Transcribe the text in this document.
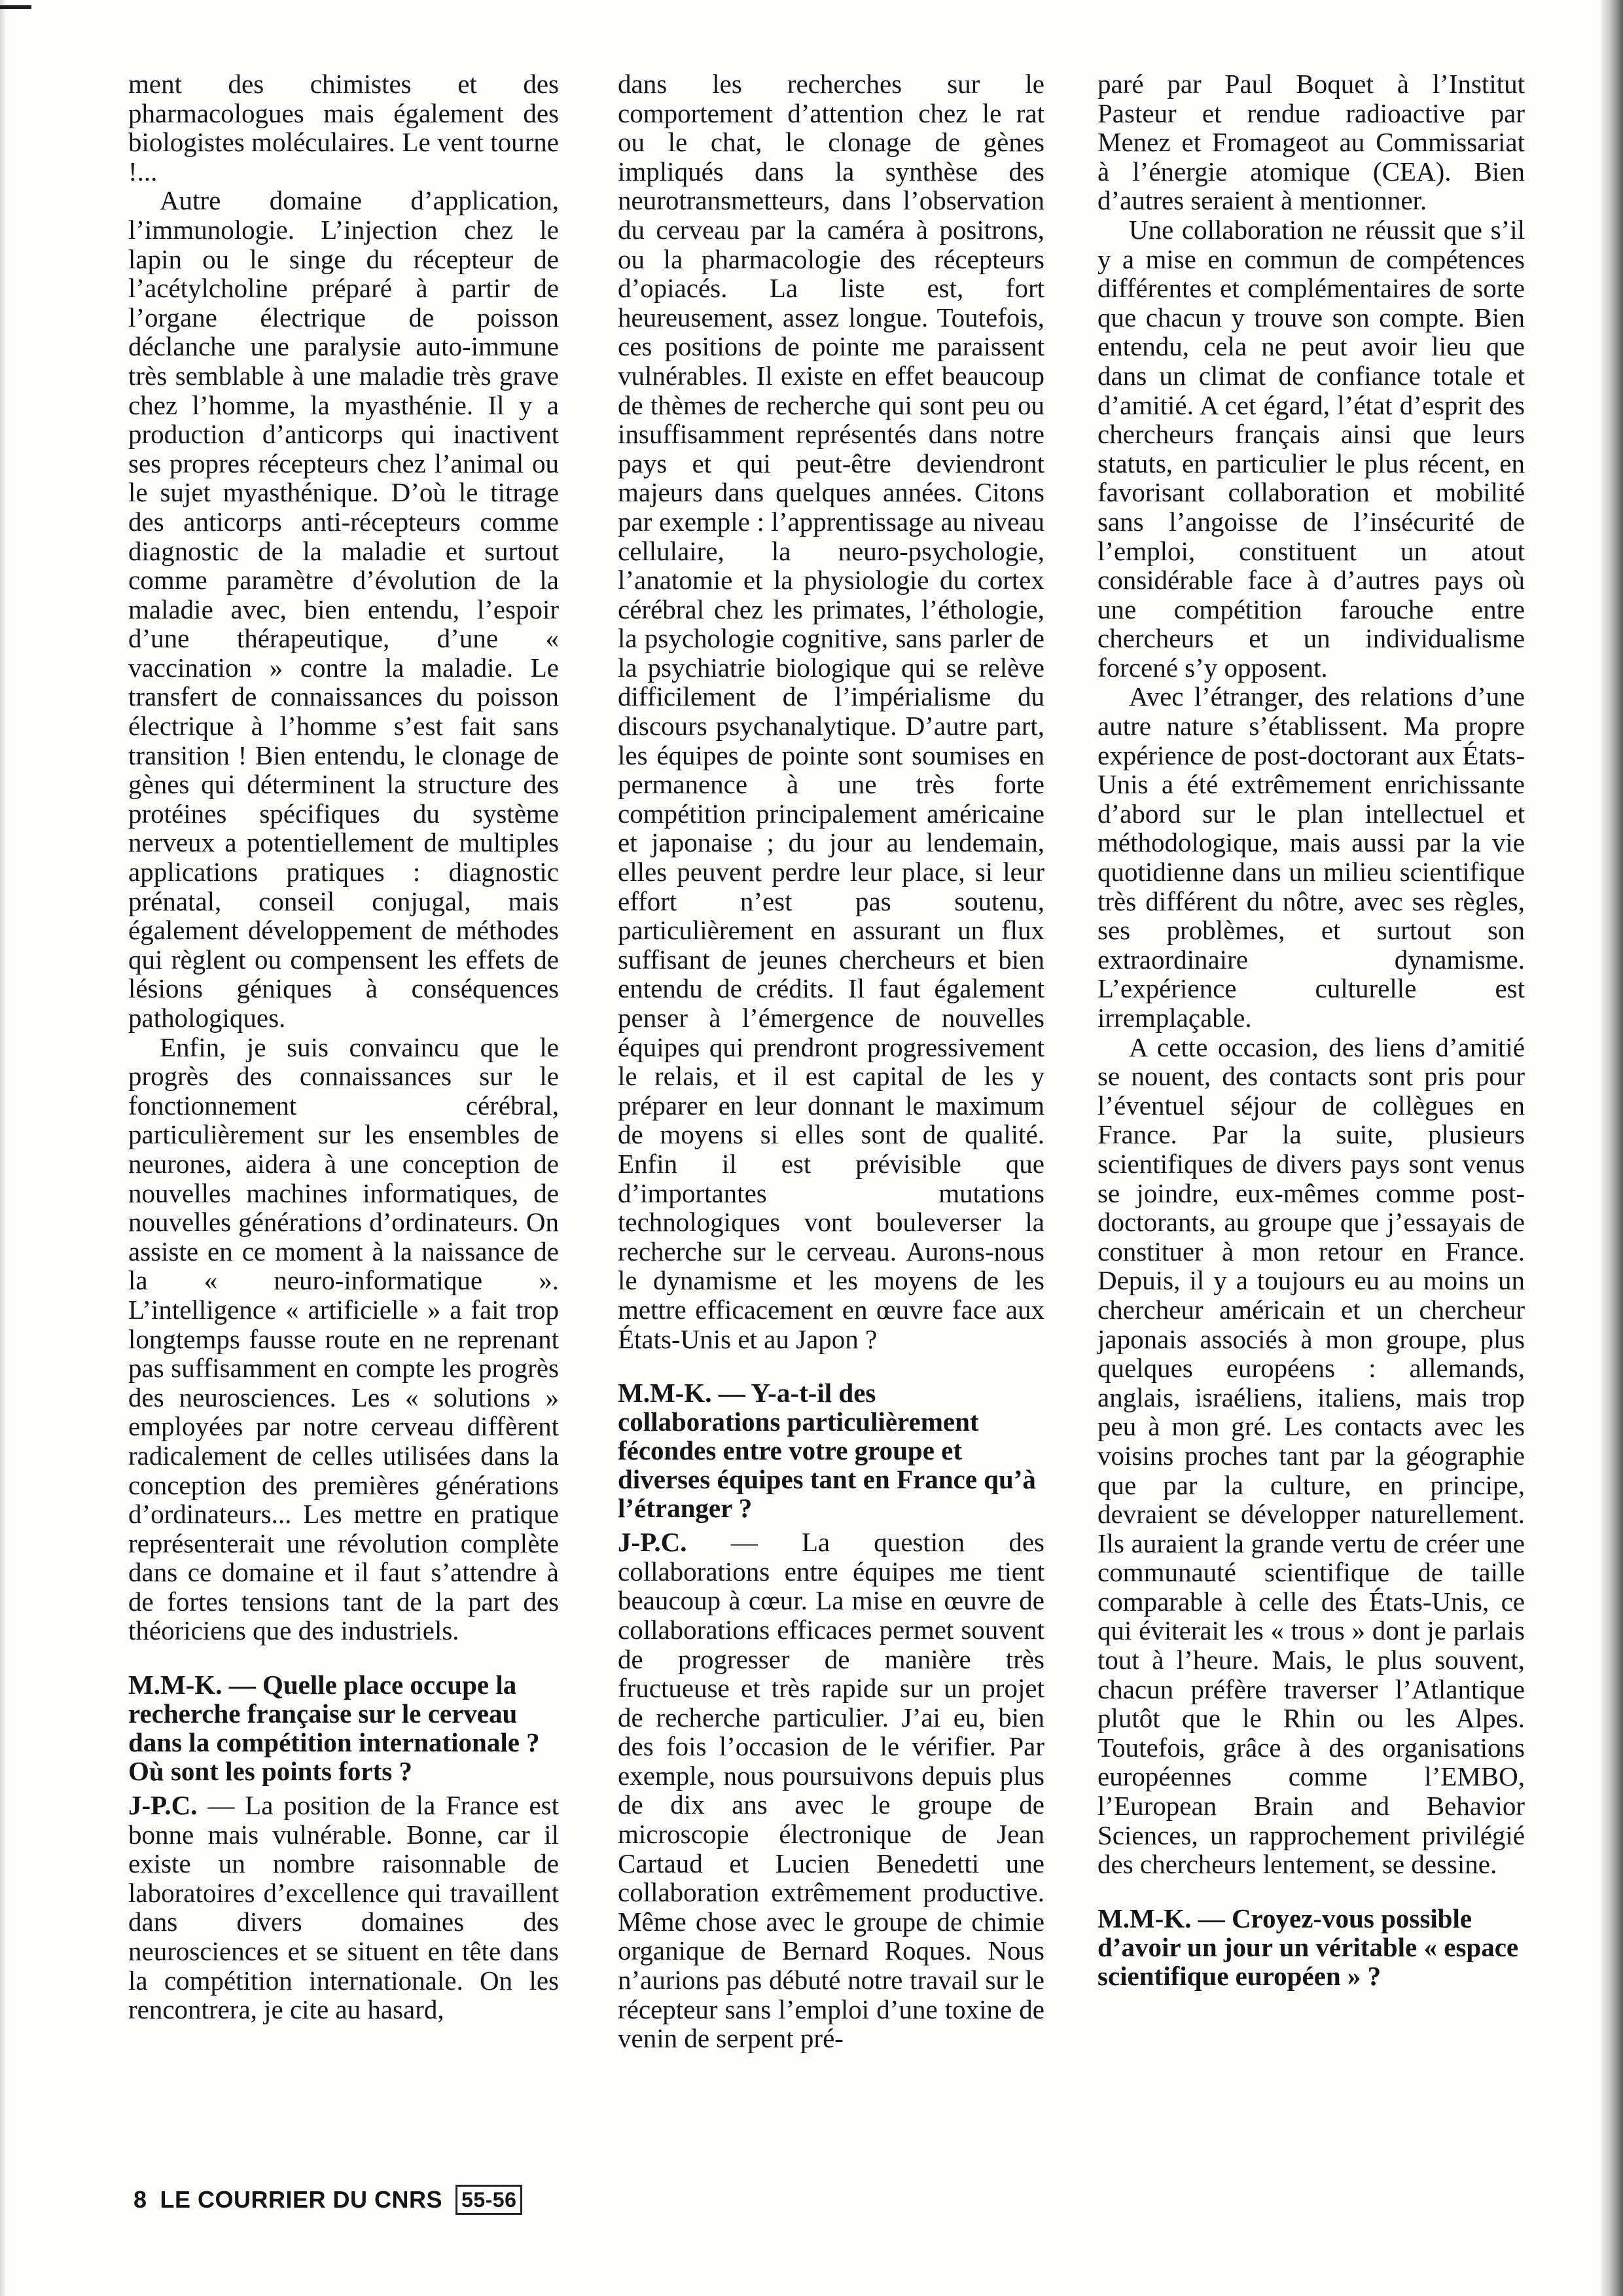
ment des chimistes et des pharmacologues mais également des biologistes moléculaires. Le vent tourne !...

Autre domaine d’application, l’immunologie. L’injection chez le lapin ou le singe du récepteur de l’acétylcholine préparé à partir de l’organe électrique de poisson déclanche une paralysie auto-immune très semblable à une maladie très grave chez l’homme, la myasthénie. Il y a production d’anticorps qui inactivent ses propres récepteurs chez l’animal ou le sujet myasthénique. D’où le titrage des anticorps anti-récepteurs comme diagnostic de la maladie et surtout comme paramètre d’évolution de la maladie avec, bien entendu, l’espoir d’une thérapeutique, d’une « vaccination » contre la maladie. Le transfert de connaissances du poisson électrique à l’homme s’est fait sans transition ! Bien entendu, le clonage de gènes qui déterminent la structure des protéines spécifiques du système nerveux a potentiellement de multiples applications pratiques : diagnostic prénatal, conseil conjugal, mais également développement de méthodes qui règlent ou compensent les effets de lésions géniques à conséquences pathologiques.

Enfin, je suis convaincu que le progrès des connaissances sur le fonctionnement cérébral, particulièrement sur les ensembles de neurones, aidera à une conception de nouvelles machines informatiques, de nouvelles générations d’ordinateurs. On assiste en ce moment à la naissance de la « neuro-informatique ». L’intelligence « artificielle » a fait trop longtemps fausse route en ne reprenant pas suffisamment en compte les progrès des neurosciences. Les « solutions » employées par notre cerveau diffèrent radicalement de celles utilisées dans la conception des premières générations d’ordinateurs... Les mettre en pratique représenterait une révolution complète dans ce domaine et il faut s’attendre à de fortes tensions tant de la part des théoriciens que des industriels.

M.M-K. — Quelle place occupe la recherche française sur le cerveau dans la compétition internationale ? Où sont les points forts ?

J-P.C. — La position de la France est bonne mais vulnérable. Bonne, car il existe un nombre raisonnable de laboratoires d’excellence qui travaillent dans divers domaines des neurosciences et se situent en tête dans la compétition internationale. On les rencontrera, je cite au hasard,

dans les recherches sur le comportement d’attention chez le rat ou le chat, le clonage de gènes impliqués dans la synthèse des neurotransmetteurs, dans l’observation du cerveau par la caméra à positrons, ou la pharmacologie des récepteurs d’opiacés. La liste est, fort heureusement, assez longue. Toutefois, ces positions de pointe me paraissent vulnérables. Il existe en effet beaucoup de thèmes de recherche qui sont peu ou insuffisamment représentés dans notre pays et qui peut-être deviendront majeurs dans quelques années. Citons par exemple : l’apprentissage au niveau cellulaire, la neuro-psychologie, l’anatomie et la physiologie du cortex cérébral chez les primates, l’éthologie, la psychologie cognitive, sans parler de la psychiatrie biologique qui se relève difficilement de l’impérialisme du discours psychanalytique. D’autre part, les équipes de pointe sont soumises en permanence à une très forte compétition principalement américaine et japonaise ; du jour au lendemain, elles peuvent perdre leur place, si leur effort n’est pas soutenu, particulièrement en assurant un flux suffisant de jeunes chercheurs et bien entendu de crédits. Il faut également penser à l’émergence de nouvelles équipes qui prendront progressivement le relais, et il est capital de les y préparer en leur donnant le maximum de moyens si elles sont de qualité. Enfin il est prévisible que d’importantes mutations technologiques vont bouleverser la recherche sur le cerveau. Aurons-nous le dynamisme et les moyens de les mettre efficacement en œuvre face aux États-Unis et au Japon ?

M.M-K. — Y-a-t-il des collaborations particulièrement fécondes entre votre groupe et diverses équipes tant en France qu’à l’étranger ?

J-P.C. — La question des collaborations entre équipes me tient beaucoup à cœur. La mise en œuvre de collaborations efficaces permet souvent de progresser de manière très fructueuse et très rapide sur un projet de recherche particulier. J’ai eu, bien des fois l’occasion de le vérifier. Par exemple, nous poursuivons depuis plus de dix ans avec le groupe de microscopie électronique de Jean Cartaud et Lucien Benedetti une collaboration extrêmement productive. Même chose avec le groupe de chimie organique de Bernard Roques. Nous n’aurions pas débuté notre travail sur le récepteur sans l’emploi d’une toxine de venin de serpent pré-

paré par Paul Boquet à l’Institut Pasteur et rendue radioactive par Menez et Fromageot au Commissariat à l’énergie atomique (CEA). Bien d’autres seraient à mentionner.

Une collaboration ne réussit que s’il y a mise en commun de compétences différentes et complémentaires de sorte que chacun y trouve son compte. Bien entendu, cela ne peut avoir lieu que dans un climat de confiance totale et d’amitié. A cet égard, l’état d’esprit des chercheurs français ainsi que leurs statuts, en particulier le plus récent, en favorisant collaboration et mobilité sans l’angoisse de l’insécurité de l’emploi, constituent un atout considérable face à d’autres pays où une compétition farouche entre chercheurs et un individualisme forcené s’y opposent.

Avec l’étranger, des relations d’une autre nature s’établissent. Ma propre expérience de post-doctorant aux États-Unis a été extrêmement enrichissante d’abord sur le plan intellectuel et méthodologique, mais aussi par la vie quotidienne dans un milieu scientifique très différent du nôtre, avec ses règles, ses problèmes, et surtout son extraordinaire dynamisme. L’expérience culturelle est irremplaçable.

A cette occasion, des liens d’amitié se nouent, des contacts sont pris pour l’éventuel séjour de collègues en France. Par la suite, plusieurs scientifiques de divers pays sont venus se joindre, eux-mêmes comme post-doctorants, au groupe que j’essayais de constituer à mon retour en France. Depuis, il y a toujours eu au moins un chercheur américain et un chercheur japonais associés à mon groupe, plus quelques européens : allemands, anglais, israéliens, italiens, mais trop peu à mon gré. Les contacts avec les voisins proches tant par la géographie que par la culture, en principe, devraient se développer naturellement. Ils auraient la grande vertu de créer une communauté scientifique de taille comparable à celle des États-Unis, ce qui éviterait les « trous » dont je parlais tout à l’heure. Mais, le plus souvent, chacun préfère traverser l’Atlantique plutôt que le Rhin ou les Alpes. Toutefois, grâce à des organisations européennes comme l’EMBO, l’European Brain and Behavior Sciences, un rapprochement privilégié des chercheurs lentement, se dessine.

M.M-K. — Croyez-vous possible d’avoir un jour un véritable « espace scientifique européen » ?

8 LE COURRIER DU CNRS 55-56
